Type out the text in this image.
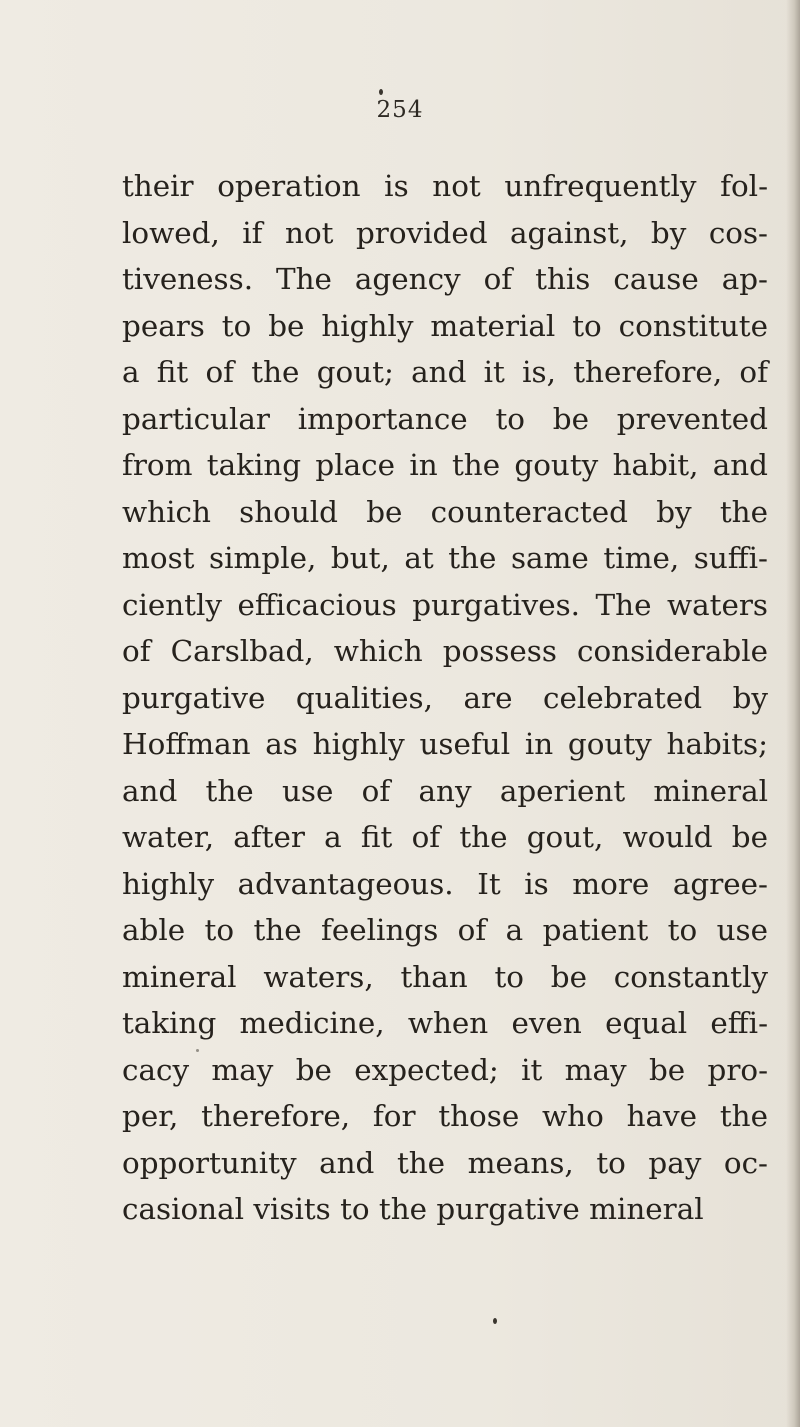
254
their operation is not unfrequently fol-
lowed, if not provided against, by cos-
tiveness. The agency of this cause ap-
pears to be highly material to constitute
a fit of the gout; and it is, therefore, of
particular importance to be prevented
from taking place in the gouty habit, and
which should be counteracted by the
most simple, but, at the same time, suffi-
ciently efficacious purgatives. The waters
of Carslbad, which possess considerable
purgative qualities, are celebrated by
Hoffman as highly useful in gouty habits;
and the use of any aperient mineral
water, after a fit of the gout, would be
highly advantageous. It is more agree-
able to the feelings of a patient to use
mineral waters, than to be constantly
taking medicine, when even equal effi-
cacy may be expected; it may be pro-
per, therefore, for those who have the
opportunity and the means, to pay oc-
casional visits to the purgative mineral
